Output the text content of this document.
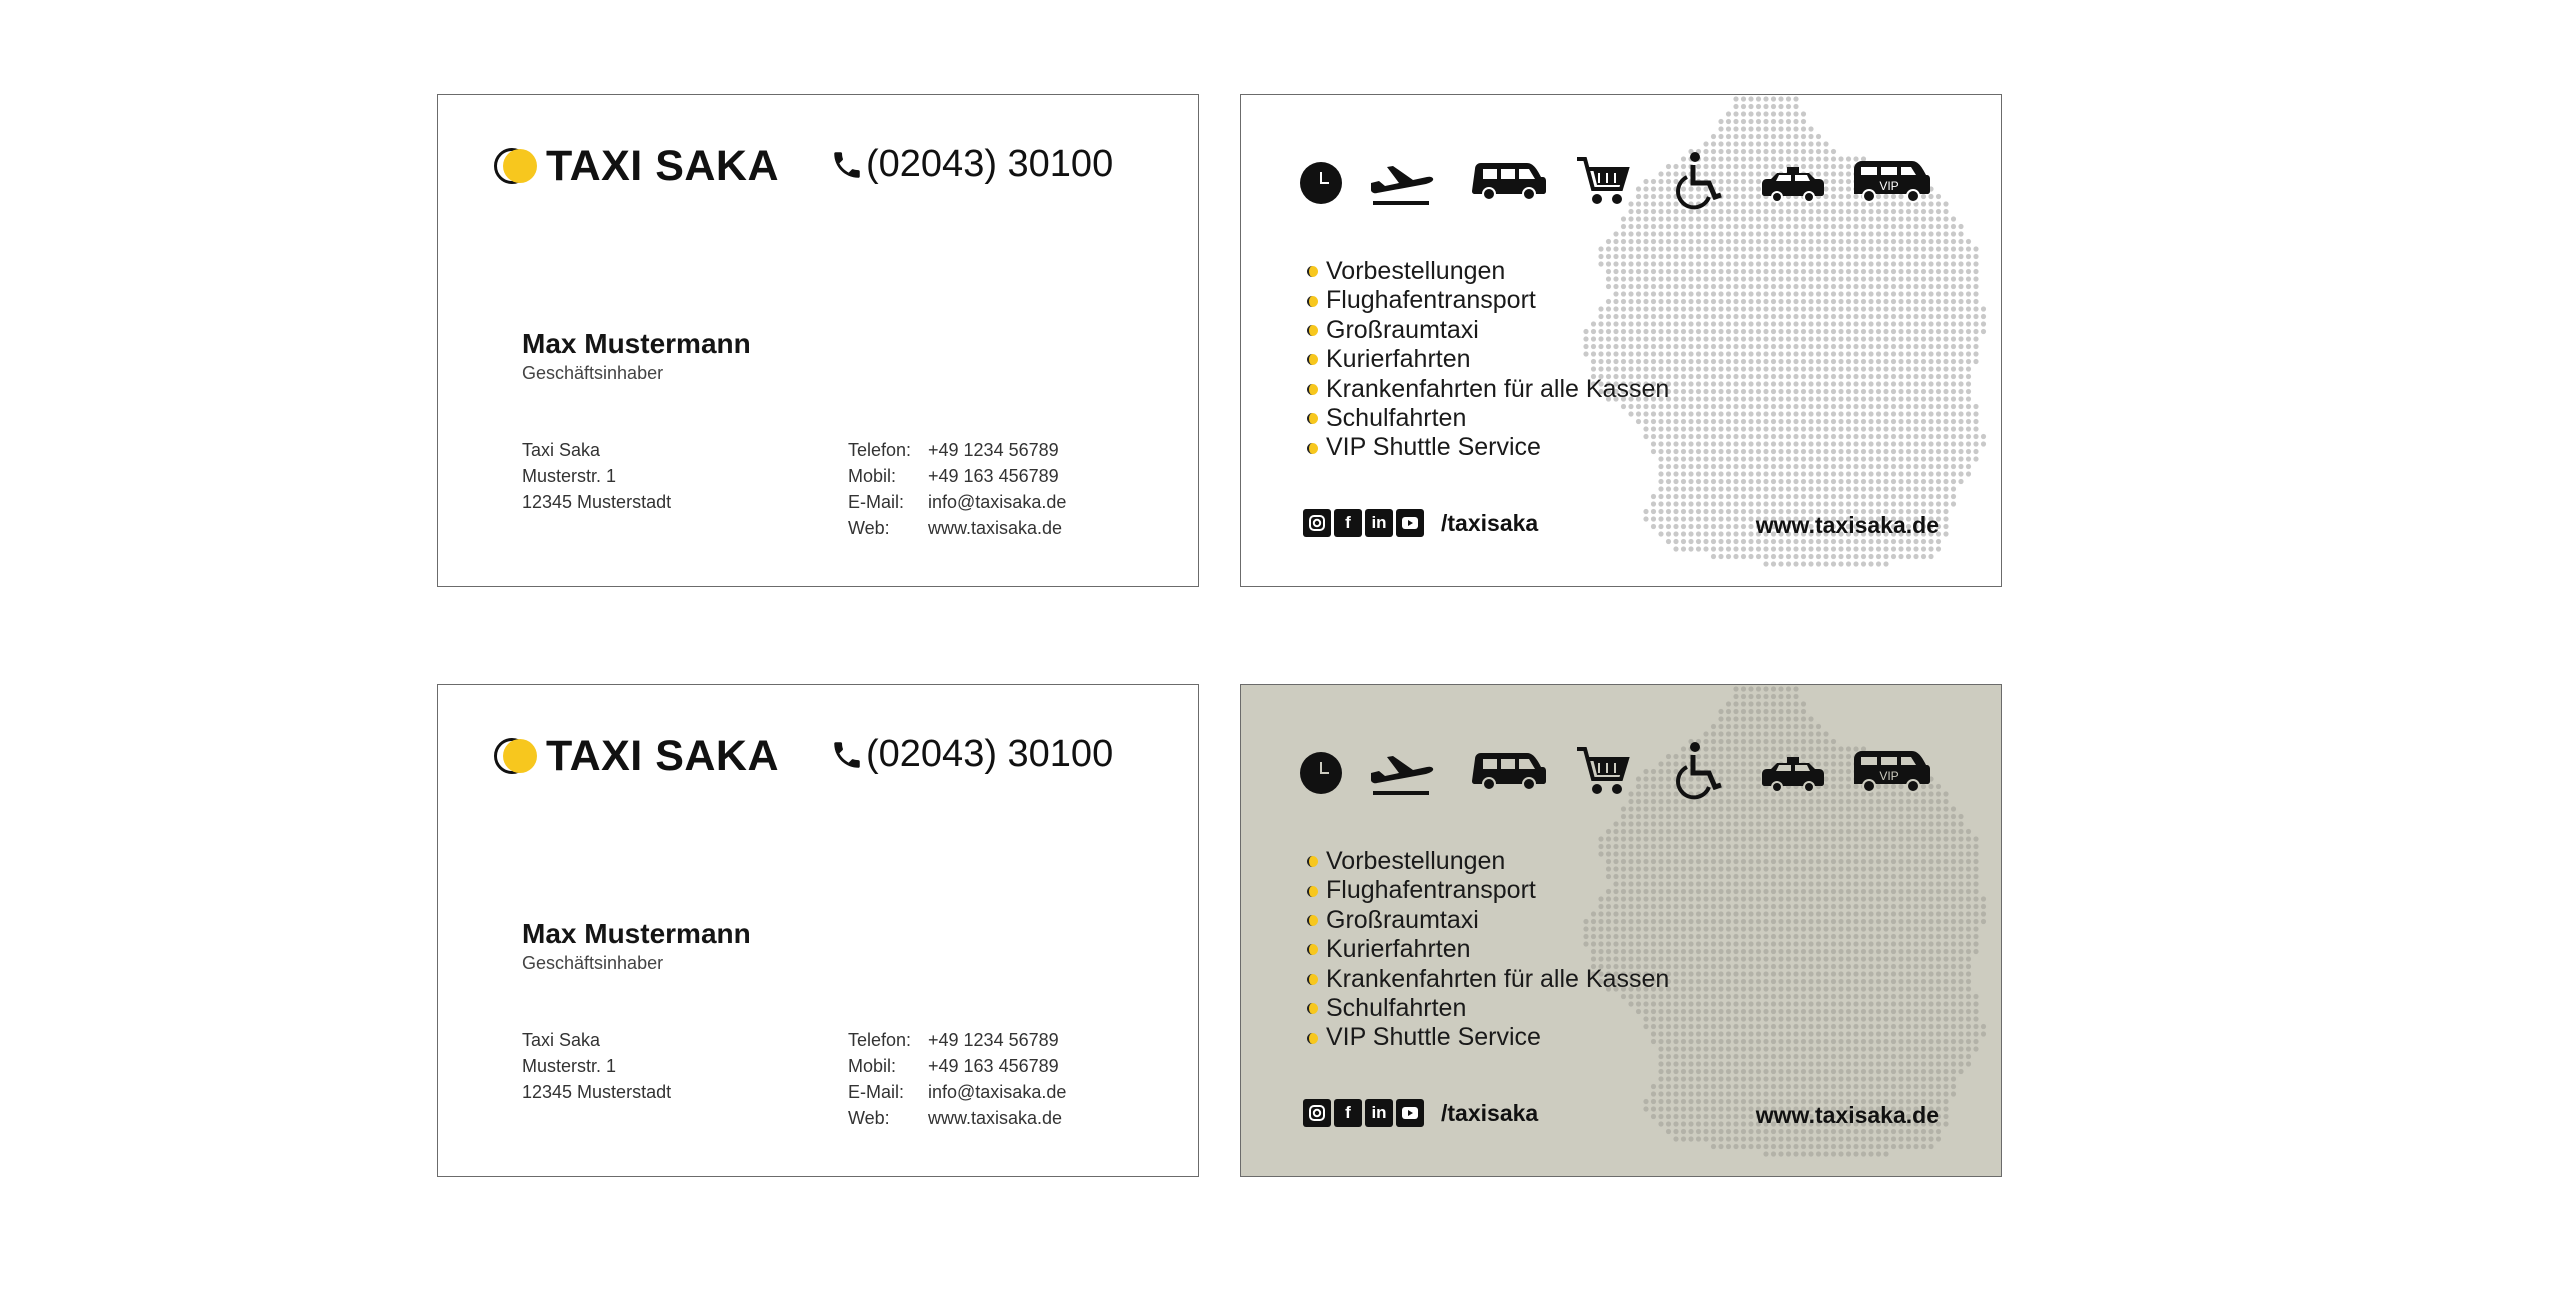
TAXI SAKA (02043) 30100
Max Mustermann
Geschäftsinhaber
Taxi Saka
Musterstr. 1
12345 Musterstadt
Telefon: +49 1234 56789
Mobil:	+49 163 456789
E-Mail:	info@taxisaka.de
Web:	www.taxisaka.de
VIP
Vorbestellungen
Flughafentransport
Großraumtaxi
Kurierfahrten
Krankenfahrten für alle Kassen
Schulfahrten
VIP Shuttle Service
f	in /taxisaka	www.taxisaka.de
TAXI SAKA (02043) 30100
Max Mustermann
Geschäftsinhaber
Taxi Saka
Musterstr. 1
12345 Musterstadt
Telefon: +49 1234 56789
Mobil:	+49 163 456789
E-Mail:	info@taxisaka.de
Web:	www.taxisaka.de
VIP
Vorbestellungen
Flughafentransport
Großraumtaxi
Kurierfahrten
Krankenfahrten für alle Kassen
Schulfahrten
VIP Shuttle Service
f	in /taxisaka	www.taxisaka.de
